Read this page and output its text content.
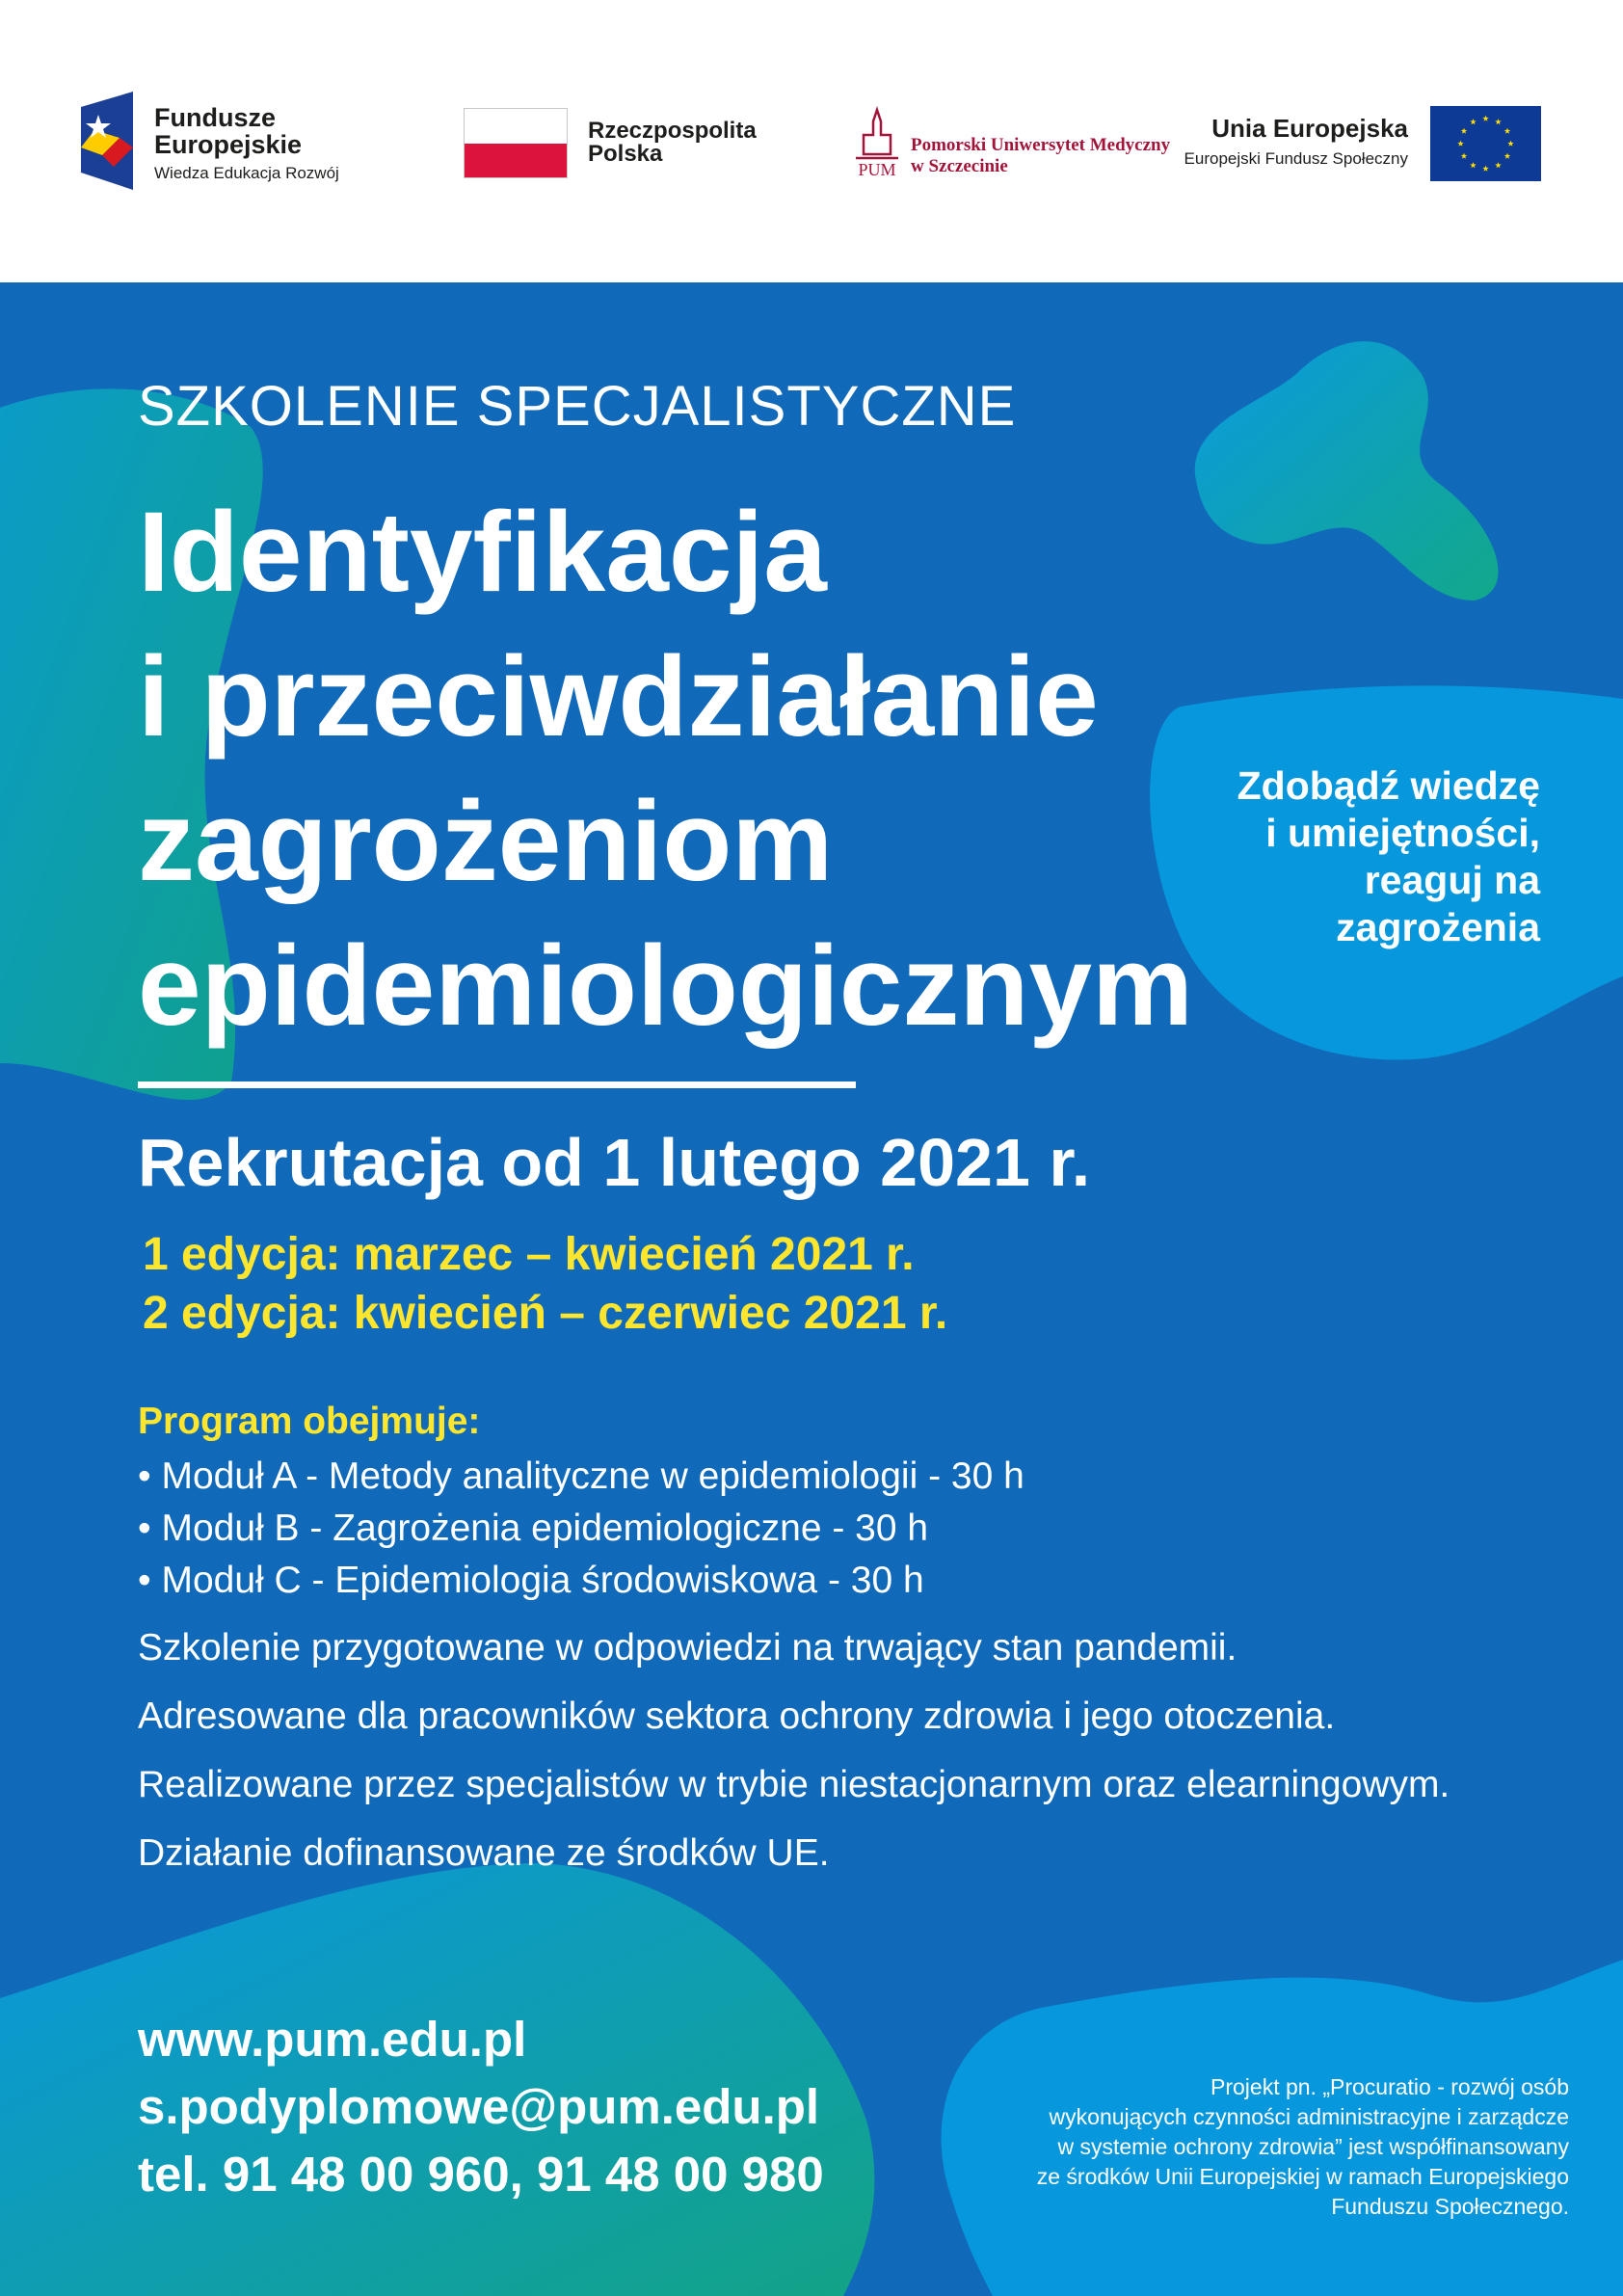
Fundusze
Europejskie
Wiedza Edukacja Rozwój
Rzeczpospolita
Polska
PUM
Pomorski Uniwersytet Medyczny
w Szczecinie
Unia Europejska
Europejski Fundusz Społeczny
SZKOLENIE SPECJALISTYCZNE
Identyfikacja
i przeciwdziałanie
zagrożeniom
epidemiologicznym
Zdobądź wiedzę
i umiejętności,
reaguj na
zagrożenia
Rekrutacja od 1 lutego 2021 r.
1 edycja: marzec – kwiecień 2021 r.
2 edycja: kwiecień – czerwiec 2021 r.
Program obejmuje:
• Moduł A - Metody analityczne w epidemiologii - 30 h
• Moduł B - Zagrożenia epidemiologiczne - 30 h
• Moduł C - Epidemiologia środowiskowa - 30 h

Szkolenie przygotowane w odpowiedzi na trwający stan pandemii.

Adresowane dla pracowników sektora ochrony zdrowia i jego otoczenia.

Realizowane przez specjalistów w trybie niestacjonarnym oraz elearningowym.

Działanie dofinansowane ze środków UE.

www.pum.edu.pl
s.podyplomowe@pum.edu.pl
tel. 91 48 00 960, 91 48 00 980
Projekt pn. „Procuratio - rozwój osób
wykonujących czynności administracyjne i zarządcze
w systemie ochrony zdrowia” jest współfinansowany
ze środków Unii Europejskiej w ramach Europejskiego
Funduszu Społecznego.
